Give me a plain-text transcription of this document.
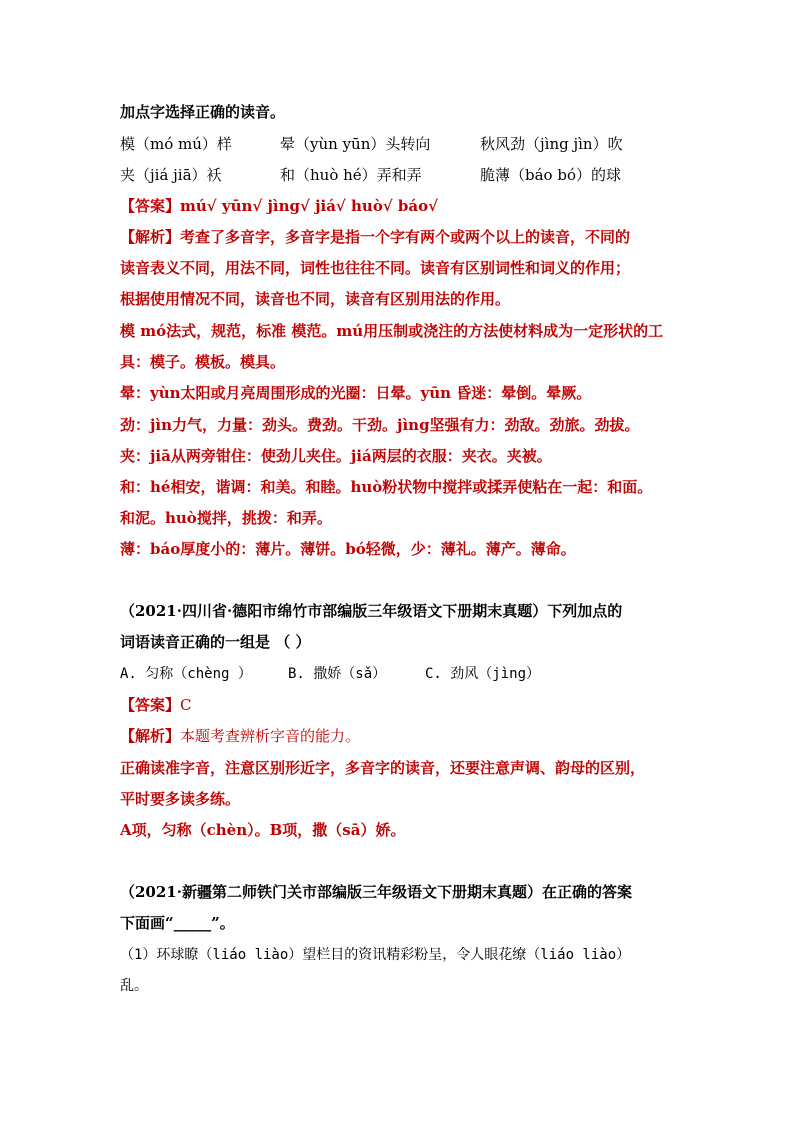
加点字选择正确的读音。
模（mó mú）样	晕（yùn yūn）头转向	秋风劲（jìng jìn）吹
夹（jiá jiā）袄	和（huò hé）弄和弄	脆薄（báo bó）的球
【答案】mú√ yūn√ jìng√ jiá√ huò√ báo√
【解析】考查了多音字，多音字是指一个字有两个或两个以上的读音，不同的
读音表义不同，用法不同，词性也往往不同。读音有区别词性和词义的作用；
根据使用情况不同，读音也不同，读音有区别用法的作用。
模 mó法式，规范，标准 模范。mú用压制或浇注的方法使材料成为一定形状的工
具：模子。模板。模具。
晕：yùn太阳或月亮周围形成的光圈：日晕。yūn 昏迷：晕倒。晕厥。
劲：jìn力气，力量：劲头。费劲。干劲。jìng坚强有力：劲敌。劲旅。劲拔。
夹：jiā从两旁钳住：使劲儿夹住。jiá两层的衣服：夹衣。夹被。
和：hé相安，谐调：和美。和睦。huò粉状物中搅拌或揉弄使粘在一起：和面。
和泥。huò搅拌，挑拨：和弄。
薄：báo厚度小的：薄片。薄饼。bó轻微，少：薄礼。薄产。薄命。
（2021·四川省·德阳市绵竹市部编版三年级语文下册期末真题）下列加点的
词语读音正确的一组是 （ ）
A. 匀称（chèng ）	B. 撒娇（sǎ）	C. 劲风（jìng）
【答案】C
【解析】本题考查辨析字音的能力。
正确读准字音，注意区别形近字，多音字的读音，还要注意声调、韵母的区别，
平时要多读多练。
A项，匀称（chèn）。B项，撒（sā）娇。
（2021·新疆第二师铁门关市部编版三年级语文下册期末真题）在正确的答案
下面画“_____”。
（1）环球瞭（liáo liào）望栏目的资讯精彩粉呈，令人眼花缭（liáo liào）
乱。
